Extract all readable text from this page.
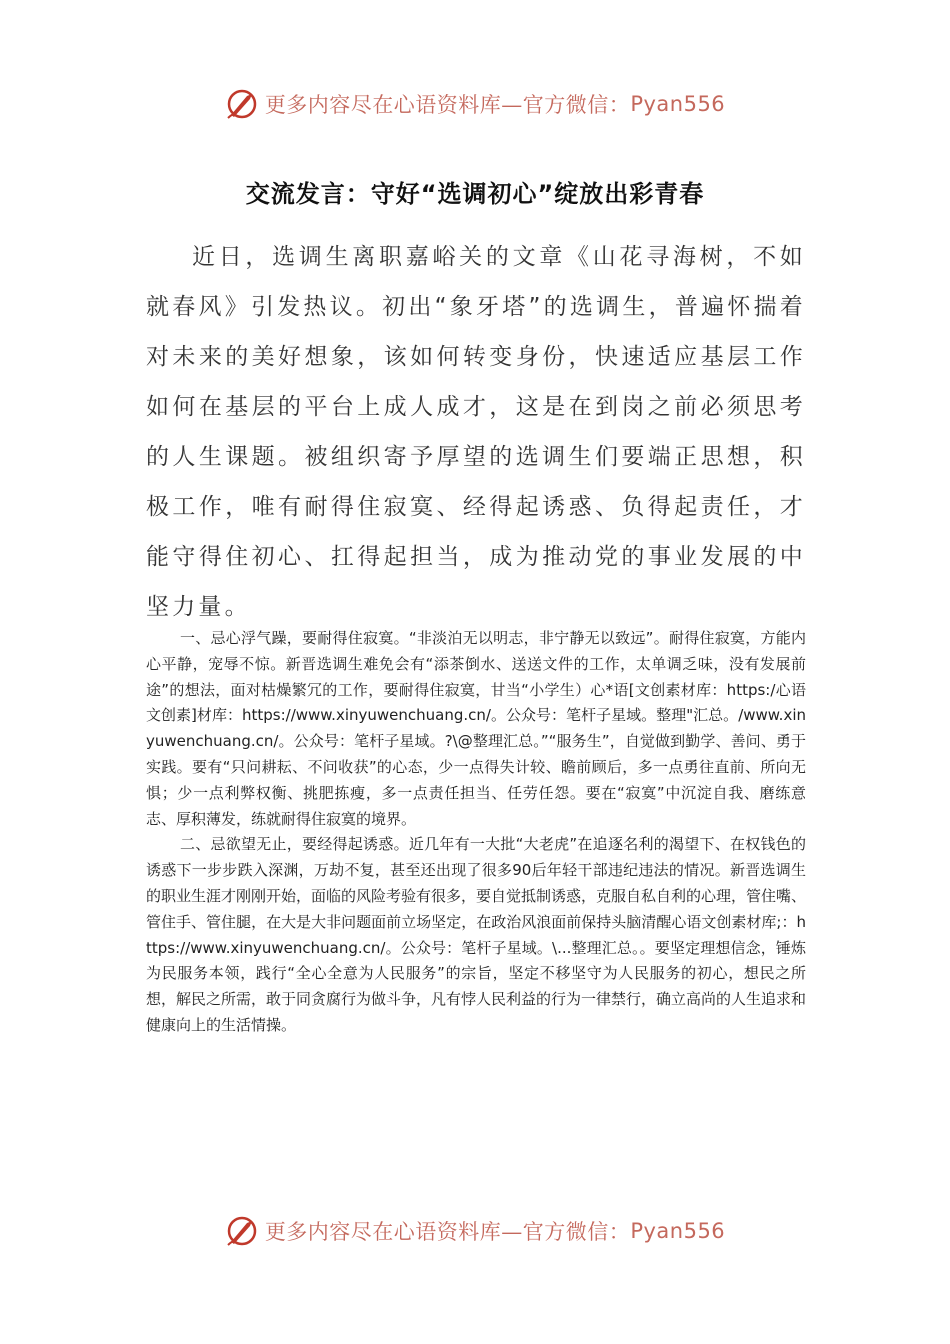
更多内容尽在心语资料库—官方微信： Pyan556
交流发言：守好“选调初心”绽放出彩青春

近日，选调生离职嘉峪关的文章《山花寻海树，不如就春风》引发热议。初出“象牙塔”的选调生，普遍怀揣着对未来的美好想象，该如何转变身份，快速适应基层工作如何在基层的平台上成人成才，这是在到岗之前必须思考的人生课题。被组织寄予厚望的选调生们要端正思想，积极工作，唯有耐得住寂寞、经得起诱惑、负得起责任，才能守得住初心、扛得起担当，成为推动党的事业发展的中坚力量。

一、忌心浮气躁，要耐得住寂寞。“非淡泊无以明志，非宁静无以致远”。耐得住寂寞，方能内心平静，宠辱不惊。新晋选调生难免会有“添茶倒水、送送文件的工作，太单调乏味，没有发展前途”的想法，面对枯燥繁冗的工作，要耐得住寂寞，甘当“小学生）心*语[文创素材库：https:/心语文创素]材库：https://www.xinyuwenchuang.cn/。公众号：笔杆子星域。整理"汇总。/www.xinyuwenchuang.cn/。公众号：笔杆子星域。?\@整理汇总。”“服务生”，自觉做到勤学、善问、勇于实践。要有“只问耕耘、不问收获”的心态，少一点得失计较、瞻前顾后，多一点勇往直前、所向无惧；少一点利弊权衡、挑肥拣瘦，多一点责任担当、任劳任怨。要在“寂寞”中沉淀自我、磨练意志、厚积薄发，练就耐得住寂寞的境界。

二、忌欲望无止，要经得起诱惑。近几年有一大批“大老虎”在追逐名利的渴望下、在权钱色的诱惑下一步步跌入深渊，万劫不复，甚至还出现了很多90后年轻干部违纪违法的情况。新晋选调生的职业生涯才刚刚开始，面临的风险考验有很多，要自觉抵制诱惑，克服自私自利的心理，管住嘴、管住手、管住腿，在大是大非问题面前立场坚定，在政治风浪面前保持头脑清醒心语文创素材库;：https://www.xinyuwenchuang.cn/。公众号：笔杆子星域。\...整理汇总。。要坚定理想信念，锤炼为民服务本领，践行“全心全意为人民服务”的宗旨，坚定不移坚守为人民服务的初心，想民之所想，解民之所需，敢于同贪腐行为做斗争，凡有悖人民利益的行为一律禁行，确立高尚的人生追求和健康向上的生活情操。

更多内容尽在心语资料库—官方微信： Pyan556
